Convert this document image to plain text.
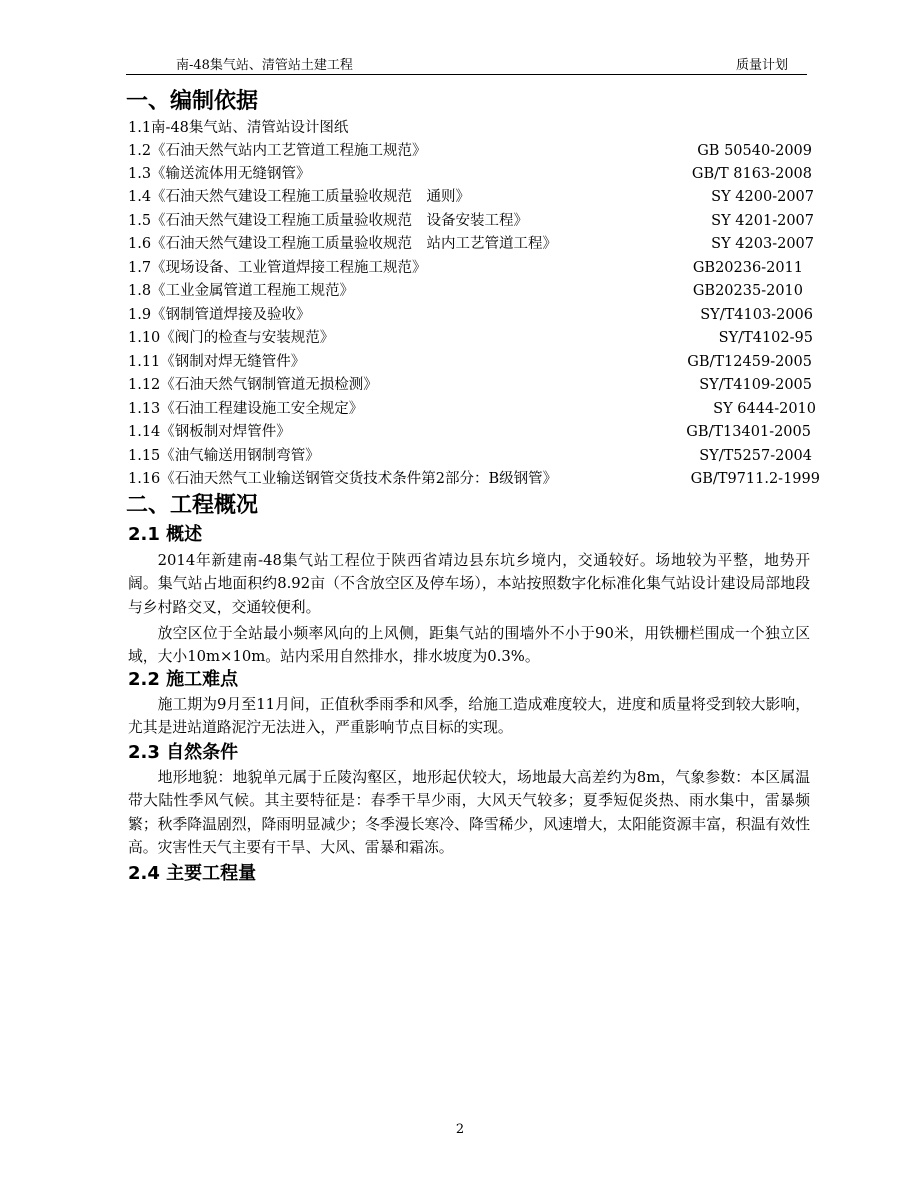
南-48集气站、清管站土建工程	质量计划
一、编制依据
1.1南-48集气站、清管站设计图纸
1.2《石油天然气站内工艺管道工程施工规范》	GB 50540-2009
1.3《输送流体用无缝钢管》	GB/T 8163-2008
1.4《石油天然气建设工程施工质量验收规范　通则》	SY 4200-2007
1.5《石油天然气建设工程施工质量验收规范　设备安装工程》	SY 4201-2007
1.6《石油天然气建设工程施工质量验收规范　站内工艺管道工程》	SY 4203-2007
1.7《现场设备、工业管道焊接工程施工规范》	GB20236-2011
1.8《工业金属管道工程施工规范》	GB20235-2010
1.9《钢制管道焊接及验收》	SY/T4103-2006
1.10《阀门的检查与安装规范》	SY/T4102-95
1.11《钢制对焊无缝管件》	GB/T12459-2005
1.12《石油天然气钢制管道无损检测》	SY/T4109-2005
1.13《石油工程建设施工安全规定》	SY 6444-2010
1.14《钢板制对焊管件》	GB/T13401-2005
1.15《油气输送用钢制弯管》	SY/T5257-2004
1.16《石油天然气工业输送钢管交货技术条件第2部分：B级钢管》	GB/T9711.2-1999
二、工程概况
2.1 概述
2014年新建南-48集气站工程位于陕西省靖边县东坑乡境内，交通较好。场地较为平整，地势开阔。集气站占地面积约8.92亩（不含放空区及停车场），本站按照数字化标准化集气站设计建设局部地段与乡村路交叉，交通较便利。
放空区位于全站最小频率风向的上风侧，距集气站的围墙外不小于90米，用铁栅栏围成一个独立区域，大小10m×10m。站内采用自然排水，排水坡度为0.3%。
2.2 施工难点
施工期为9月至11月间，正值秋季雨季和风季，给施工造成难度较大，进度和质量将受到较大影响，尤其是进站道路泥泞无法进入，严重影响节点目标的实现。
2.3 自然条件
地形地貌：地貌单元属于丘陵沟壑区，地形起伏较大，场地最大高差约为8m，气象参数：本区属温带大陆性季风气候。其主要特征是：春季干旱少雨，大风天气较多；夏季短促炎热、雨水集中，雷暴频繁；秋季降温剧烈，降雨明显减少；冬季漫长寒冷、降雪稀少，风速增大，太阳能资源丰富，积温有效性高。灾害性天气主要有干旱、大风、雷暴和霜冻。
2.4 主要工程量
2
